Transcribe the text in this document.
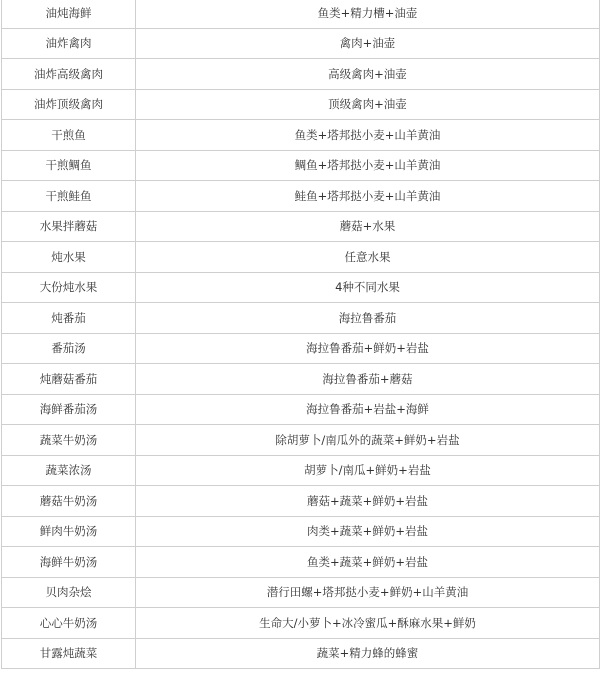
油炖海鲜	鱼类+精力槽+油壶
油炸禽肉	禽肉+油壶
油炸高级禽肉	高级禽肉+油壶
油炸顶级禽肉	顶级禽肉+油壶
干煎鱼	鱼类+塔邦挞小麦+山羊黄油
干煎鲷鱼	鲷鱼+塔邦挞小麦+山羊黄油
干煎鲑鱼	鲑鱼+塔邦挞小麦+山羊黄油
水果拌蘑菇	蘑菇+水果
炖水果	任意水果
大份炖水果	4种不同水果
炖番茄	海拉鲁番茄
番茄汤	海拉鲁番茄+鲜奶+岩盐
炖蘑菇番茄	海拉鲁番茄+蘑菇
海鲜番茄汤	海拉鲁番茄+岩盐+海鲜
蔬菜牛奶汤	除胡萝卜/南瓜外的蔬菜+鲜奶+岩盐
蔬菜浓汤	胡萝卜/南瓜+鲜奶+岩盐
蘑菇牛奶汤	蘑菇+蔬菜+鲜奶+岩盐
鲜肉牛奶汤	肉类+蔬菜+鲜奶+岩盐
海鲜牛奶汤	鱼类+蔬菜+鲜奶+岩盐
贝肉杂烩	潜行田螺+塔邦挞小麦+鲜奶+山羊黄油
心心牛奶汤	生命大/小萝卜+冰冷蜜瓜+酥麻水果+鲜奶
甘露炖蔬菜	蔬菜+精力蜂的蜂蜜
